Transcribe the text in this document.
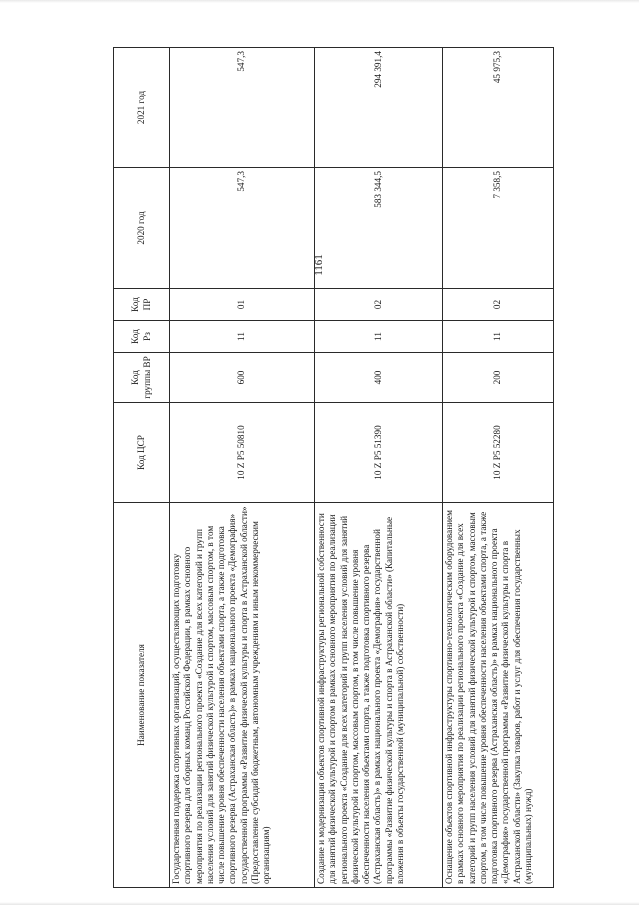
1161
Наименование показателя	Код ЦСР	Код группы ВР	Код Рз	Код ПР	2020 год	2021 год
Государственная поддержка спортивных организаций, осуществляющих подготовку спортивного резерва для сборных команд Российской Федерации, в рамках основного мероприятия по реализации регионального проекта «Создание для всех категорий и групп населения условий для занятий физической культурой и спортом, массовым спортом, в том числе повышение уровня обеспеченности населения объектами спорта, а также подготовка спортивного резерва (Астраханская область)» в рамках национального проекта «Демография» государственной программы «Развитие физической культуры и спорта в Астраханской области» (Предоставление субсидий бюджетным, автономным учреждениям и иным некоммерческим организациям)	10 Z P5 50810	600	11	01	547,3	547,3
Создание и модернизация объектов спортивной инфраструктуры региональной собственности для занятий физической культурой и спортом в рамках основного мероприятия по реализации регионального проекта «Создание для всех категорий и групп населения условий для занятий физической культурой и спортом, массовым спортом, в том числе повышение уровня обеспеченности населения объектами спорта, а также подготовка спортивного резерва (Астраханская область)» в рамках национального проекта «Демография» государственной программы «Развитие физической культуры и спорта в Астраханской области» (Капитальные вложения в объекты государственной (муниципальной) собственности)	10 Z P5 51390	400	11	02	583 344,5	294 391,4
Оснащение объектов спортивной инфраструктуры спортивно-технологическим оборудованием в рамках основного мероприятия по реализации регионального проекта «Создание для всех категорий и групп населения условий для занятий физической культурой и спортом, массовым спортом, в том числе повышение уровня обеспеченности населения объектами спорта, а также подготовка спортивного резерва (Астраханская область)» в рамках национального проекта «Демография» государственной программы «Развитие физической культуры и спорта в Астраханской области» (Закупка товаров, работ и услуг для обеспечения государственных (муниципальных) нужд)	10 Z P5 52280	200	11	02	7 358,5	45 975,3
